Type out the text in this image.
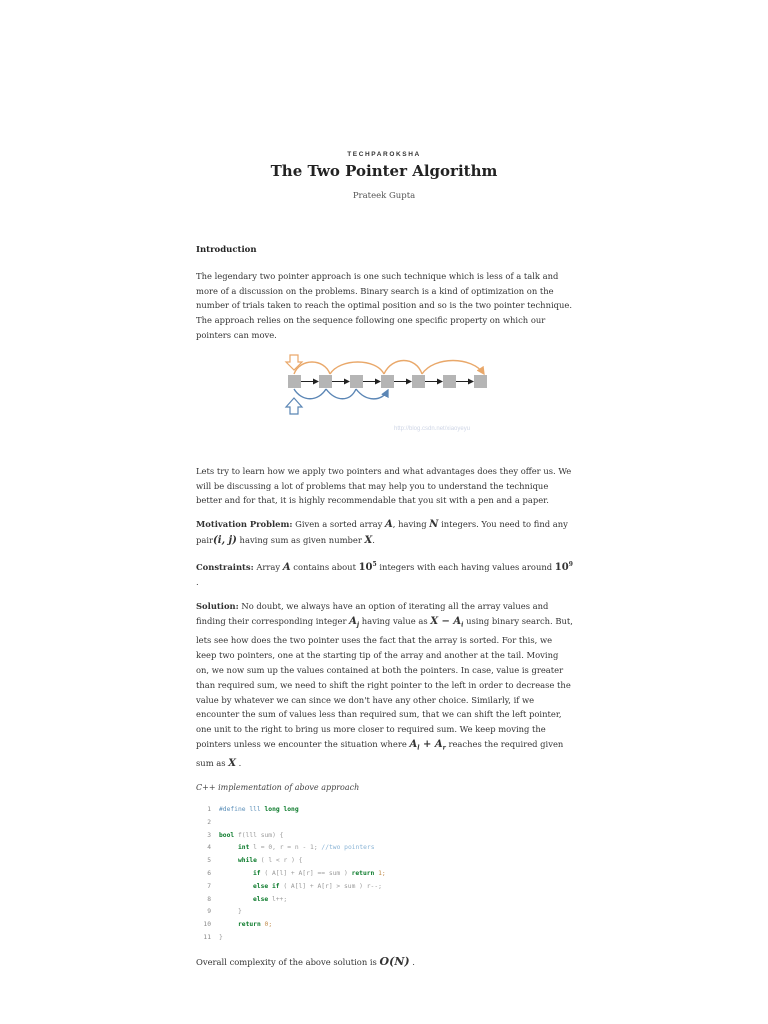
TECHPAROKSHA
The Two Pointer Algorithm
Prateek Gupta
Introduction

The legendary two pointer approach is one such technique which is less of a talk and more of a discussion on the problems. Binary search is a kind of optimization on the number of trials taken to reach the optimal position and so is the two pointer technique. The approach relies on the sequence following one specific property on which our pointers can move.

http://blog.csdn.net/xiaoyeyu

Lets try to learn how we apply two pointers and what advantages does they offer us. We will be discussing a lot of problems that may help you to understand the technique better and for that, it is highly recommendable that you sit with a pen and a paper.

Motivation Problem: Given a sorted array A, having N integers. You need to find any pair(i, j) having sum as given number X.

Constraints: Array A contains about $10^5$ integers with each having values around $10^9$ .

Solution: No doubt, we always have an option of iterating all the array values and finding their corresponding integer $A_j$ having value as $X - A_i$ using binary search. But, lets see how does the two pointer uses the fact that the array is sorted. For this, we keep two pointers, one at the starting tip of the array and another at the tail. Moving on, we now sum up the values contained at both the pointers. In case, value is greater than required sum, we need to shift the right pointer to the left in order to decrease the value by whatever we can since we don't have any other choice. Similarly, if we encounter the sum of values less than required sum, that we can shift the left pointer, one unit to the right to bring us more closer to required sum. We keep moving the pointers unless we encounter the situation where $A_l + A_r$ reaches the required given sum as X .

C++ implementation of above approach
1 #define lll long long
2
3 bool f(lll sum) {
4	int l = 0, r = n - 1; //two pointers
5	while ( l < r ) {
6	if ( A[l] + A[r] == sum ) return 1;
7	else if ( A[l] + A[r] > sum ) r--;
8	else l++;
9	}
10	return 0;
11 }

Overall complexity of the above solution is O(N) .
